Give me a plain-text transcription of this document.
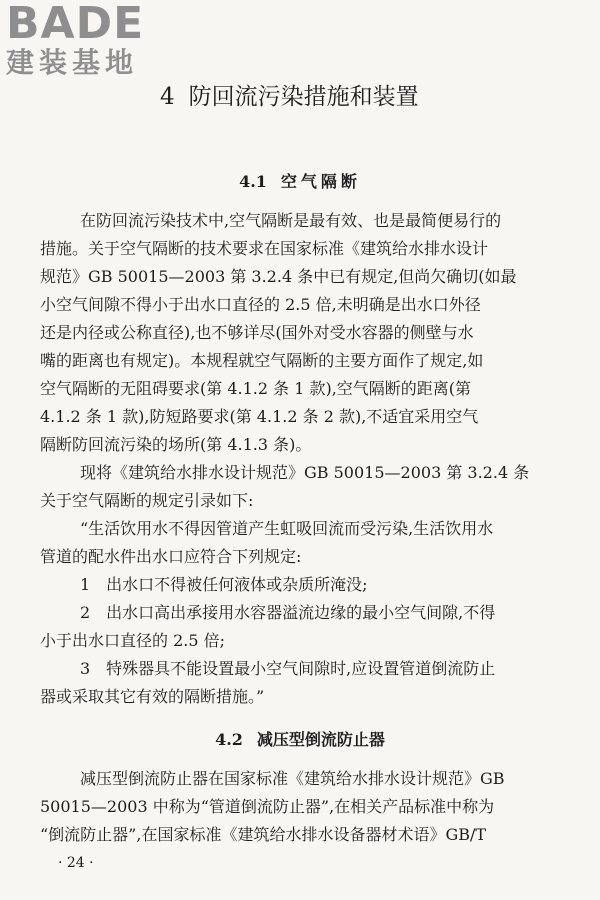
BADE
建装基地
4 防回流污染措施和装置
4.1 空气隔断
在防回流污染技术中,空气隔断是最有效、也是最简便易行的
措施。关于空气隔断的技术要求在国家标准《建筑给水排水设计
规范》GB 50015—2003 第 3.2.4 条中已有规定,但尚欠确切(如最
小空气间隙不得小于出水口直径的 2.5 倍,未明确是出水口外径
还是内径或公称直径),也不够详尽(国外对受水容器的侧壁与水
嘴的距离也有规定)。本规程就空气隔断的主要方面作了规定,如
空气隔断的无阻碍要求(第 4.1.2 条 1 款),空气隔断的距离(第
4.1.2 条 1 款),防短路要求(第 4.1.2 条 2 款),不适宜采用空气
隔断防回流污染的场所(第 4.1.3 条)。
现将《建筑给水排水设计规范》GB 50015—2003 第 3.2.4 条
关于空气隔断的规定引录如下:
“生活饮用水不得因管道产生虹吸回流而受污染,生活饮用水
管道的配水件出水口应符合下列规定:
1　出水口不得被任何液体或杂质所淹没;
2　出水口高出承接用水容器溢流边缘的最小空气间隙,不得
小于出水口直径的 2.5 倍;
3　特殊器具不能设置最小空气间隙时,应设置管道倒流防止
器或采取其它有效的隔断措施。”
4.2 减压型倒流防止器
减压型倒流防止器在国家标准《建筑给水排水设计规范》GB
50015—2003 中称为“管道倒流防止器”,在相关产品标准中称为
“倒流防止器”,在国家标准《建筑给水排水设备器材术语》GB/T
· 24 ·
